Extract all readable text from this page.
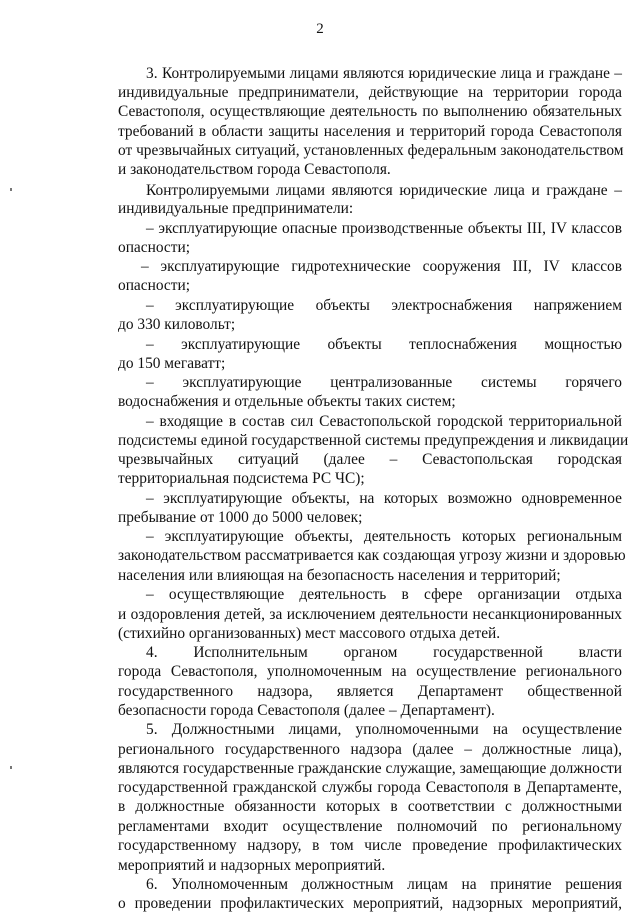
2
3. Контролируемыми лицами являются юридические лица и граждане –
индивидуальные предприниматели, действующие на территории города
Севастополя, осуществляющие деятельность по выполнению обязательных
требований в области защиты населения и территорий города Севастополя
от чрезвычайных ситуаций, установленных федеральным законодательством
и законодательством города Севастополя.
Контролируемыми лицами являются юридические лица и граждане –
индивидуальные предприниматели:
– эксплуатирующие опасные производственные объекты III, IV классов
опасности;
– эксплуатирующие гидротехнические сооружения III, IV классов
опасности;
– эксплуатирующие объекты электроснабжения напряжением
до 330 киловольт;
– эксплуатирующие объекты теплоснабжения мощностью
до 150 мегаватт;
– эксплуатирующие централизованные системы горячего
водоснабжения и отдельные объекты таких систем;
– входящие в состав сил Севастопольской городской территориальной
подсистемы единой государственной системы предупреждения и ликвидации
чрезвычайных ситуаций (далее – Севастопольская городская
территориальная подсистема РС ЧС);
– эксплуатирующие объекты, на которых возможно одновременное
пребывание от 1000 до 5000 человек;
– эксплуатирующие объекты, деятельность которых региональным
законодательством рассматривается как создающая угрозу жизни и здоровью
населения или влияющая на безопасность населения и территорий;
– осуществляющие деятельность в сфере организации отдыха
и оздоровления детей, за исключением деятельности несанкционированных
(стихийно организованных) мест массового отдыха детей.
4. Исполнительным органом государственной власти
города Севастополя, уполномоченным на осуществление регионального
государственного надзора, является Департамент общественной
безопасности города Севастополя (далее – Департамент).
5. Должностными лицами, уполномоченными на осуществление
регионального государственного надзора (далее – должностные лица),
являются государственные гражданские служащие, замещающие должности
государственной гражданской службы города Севастополя в Департаменте,
в должностные обязанности которых в соответствии с должностными
регламентами входит осуществление полномочий по региональному
государственному надзору, в том числе проведение профилактических
мероприятий и надзорных мероприятий.
6. Уполномоченным должностным лицам на принятие решения
о проведении профилактических мероприятий, надзорных мероприятий,
